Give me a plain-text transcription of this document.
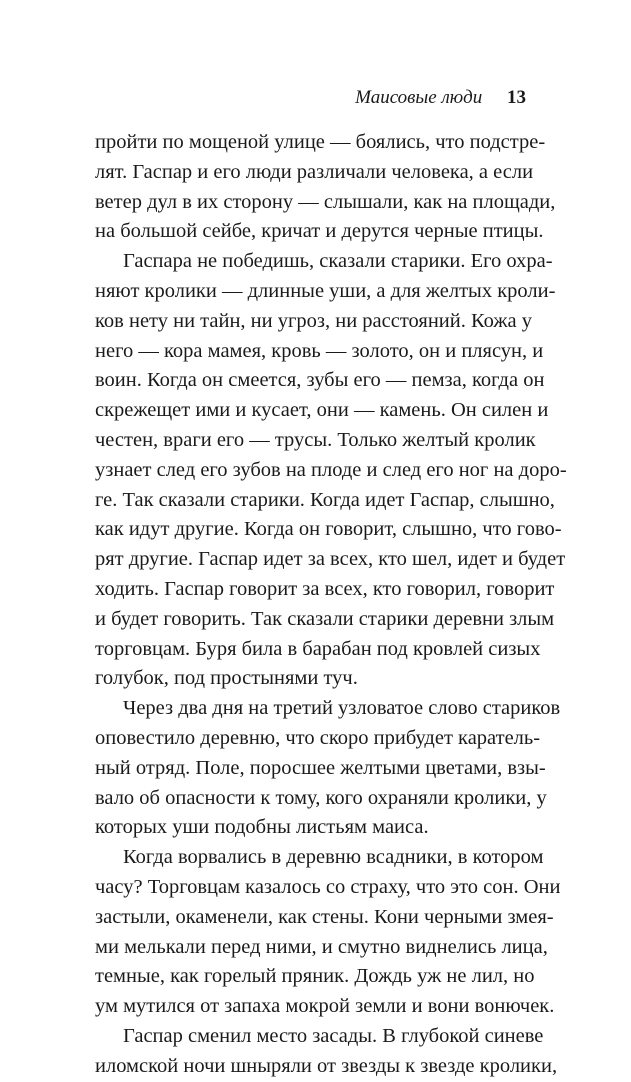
Маисовые люди 13
пройти по мощеной улице — боялись, что подстре-
лят. Гаспар и его люди различали человека, а если
ветер дул в их сторону — слышали, как на площади,
на большой сейбе, кричат и дерутся черные птицы.
Гаспара не победишь, сказали старики. Его охра-
няют кролики — длинные уши, а для желтых кроли-
ков нету ни тайн, ни угроз, ни расстояний. Кожа у
него — кора мамея, кровь — золото, он и плясун, и
воин. Когда он смеется, зубы его — пемза, когда он
скрежещет ими и кусает, они — камень. Он силен и
честен, враги его — трусы. Только желтый кролик
узнает след его зубов на плоде и след его ног на доро-
ге. Так сказали старики. Когда идет Гаспар, слышно,
как идут другие. Когда он говорит, слышно, что гово-
рят другие. Гаспар идет за всех, кто шел, идет и будет
ходить. Гаспар говорит за всех, кто говорил, говорит
и будет говорить. Так сказали старики деревни злым
торговцам. Буря била в барабан под кровлей сизых
голубок, под простынями туч.
Через два дня на третий узловатое слово стариков
оповестило деревню, что скоро прибудет каратель-
ный отряд. Поле, поросшее желтыми цветами, взы-
вало об опасности к тому, кого охраняли кролики, у
которых уши подобны листьям маиса.
Когда ворвались в деревню всадники, в котором
часу? Торговцам казалось со страху, что это сон. Они
застыли, окаменели, как стены. Кони черными змея-
ми мелькали перед ними, и смутно виднелись лица,
темные, как горелый пряник. Дождь уж не лил, но
ум мутился от запаха мокрой земли и вони вонючек.
Гаспар сменил место засады. В глубокой синеве
иломской ночи шныряли от звезды к звезде кролики,
